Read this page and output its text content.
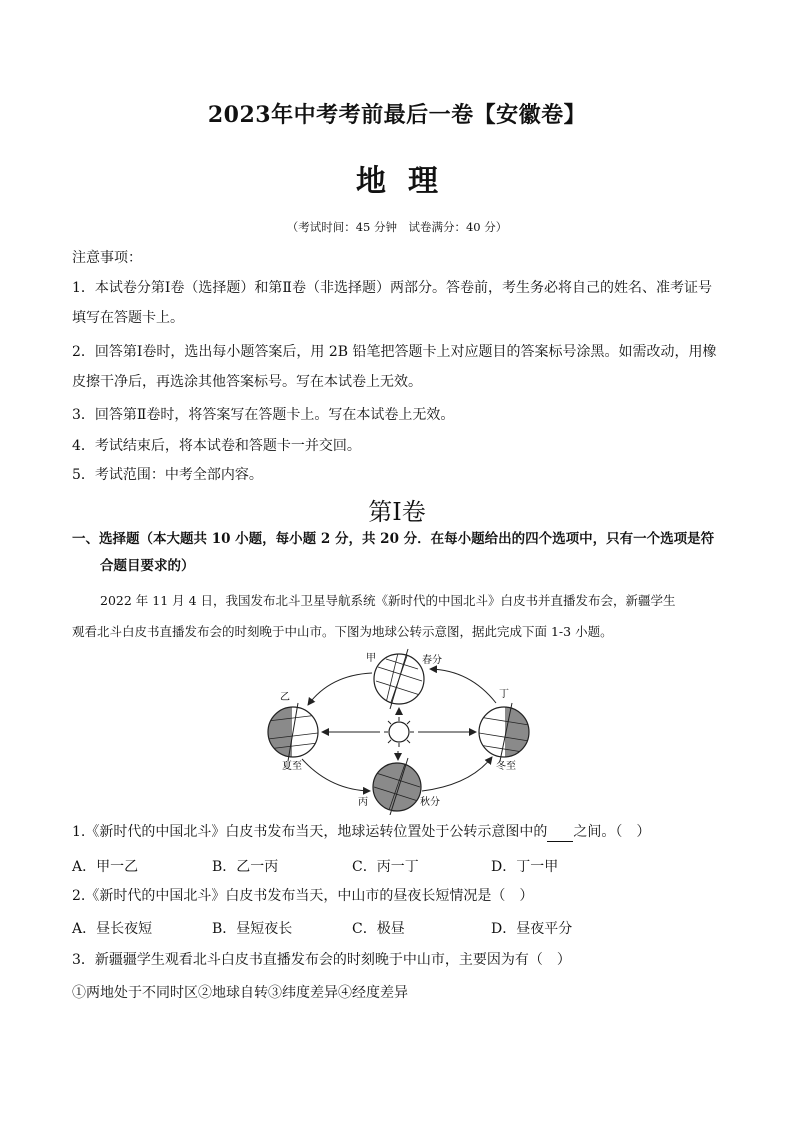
2023年中考考前最后一卷【安徽卷】
地理
（考试时间：45 分钟　试卷满分：40 分）
注意事项：
1．本试卷分第Ⅰ卷（选择题）和第Ⅱ卷（非选择题）两部分。答卷前，考生务必将自己的姓名、准考证号
填写在答题卡上。
2．回答第Ⅰ卷时，选出每小题答案后，用 2B 铅笔把答题卡上对应题目的答案标号涂黑。如需改动，用橡
皮擦干净后，再选涂其他答案标号。写在本试卷上无效。
3．回答第Ⅱ卷时，将答案写在答题卡上。写在本试卷上无效。
4．考试结束后，将本试卷和答题卡一并交回。
5．考试范围：中考全部内容。
第Ⅰ卷
一、选择题（本大题共 10 小题，每小题 2 分，共 20 分．在每小题给出的四个选项中，只有一个选项是符
合题目要求的）
2022 年 11 月 4 日，我国发布北斗卫星导航系统《新时代的中国北斗》白皮书并直播发布会，新疆学生
观看北斗白皮书直播发布会的时刻晚于中山市。下图为地球公转示意图，据此完成下面 1-3 小题。
甲	春分
乙
夏至
丙	秋分
丁
冬至
1.《新时代的中国北斗》白皮书发布当天，地球运转位置处于公转示意图中的 之间。（　）
A．甲一乙	B．乙一丙	C．丙一丁	D．丁一甲
2.《新时代的中国北斗》白皮书发布当天，中山市的昼夜长短情况是（　）
A．昼长夜短	B．昼短夜长	C．极昼	D．昼夜平分
3．新疆疆学生观看北斗白皮书直播发布会的时刻晚于中山市，主要因为有（　）
①两地处于不同时区②地球自转③纬度差异④经度差异
